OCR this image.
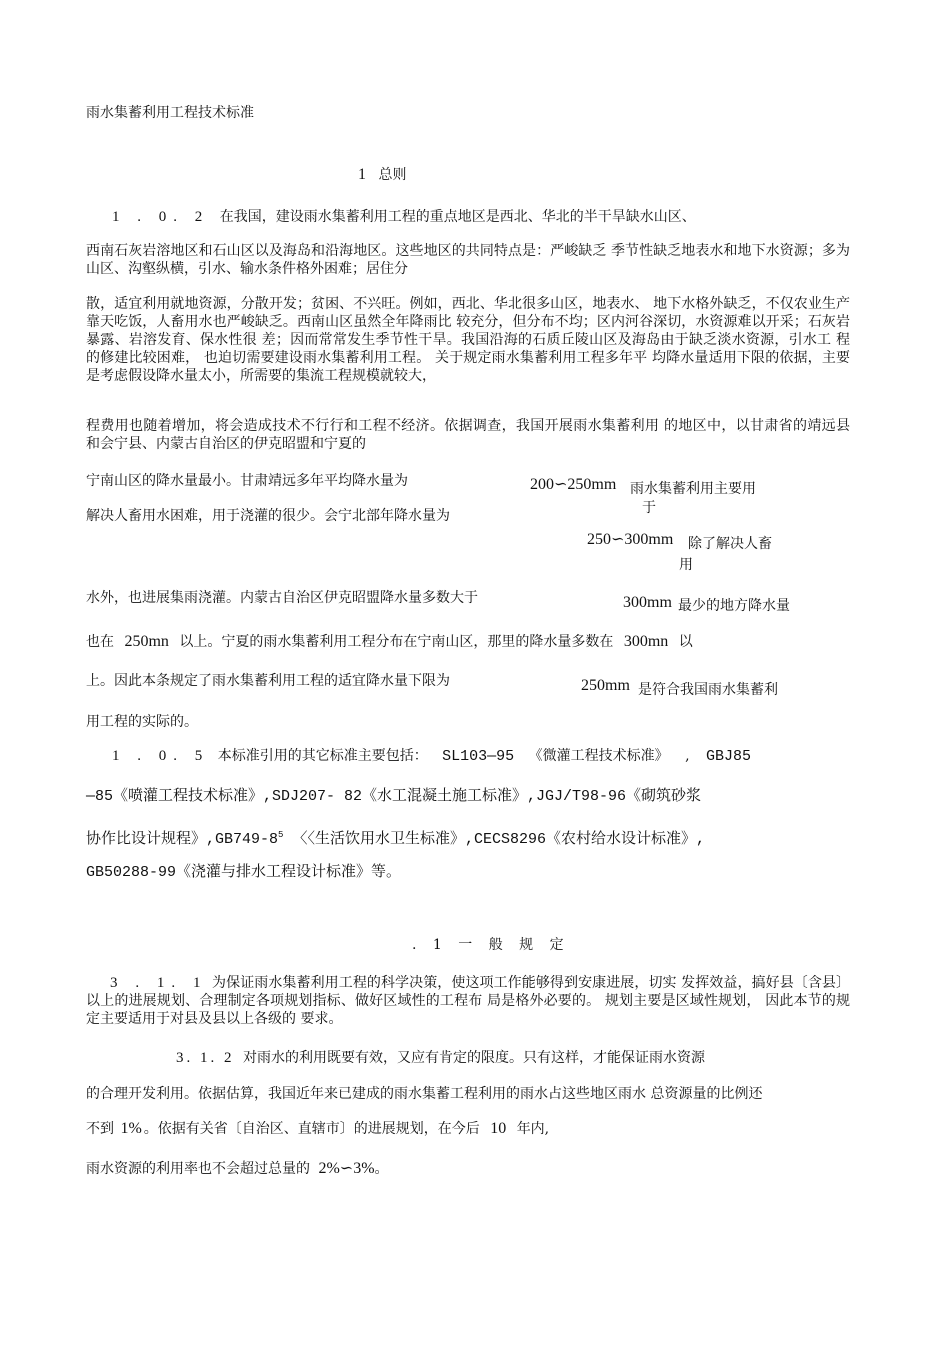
雨水集蓄利用工程技术标准
1 总则
1 . 0. 2 在我国，建设雨水集蓄利用工程的重点地区是西北、华北的半干旱缺水山区、
西南石灰岩溶地区和石山区以及海岛和沿海地区。这些地区的共同特点是：严峻缺乏 季节性缺乏地表水和地下水资源；多为山区、沟壑纵横，引水、输水条件格外困难；居住分
散，适宜利用就地资源，分散开发；贫困、不兴旺。例如，西北、华北很多山区，地表水、 地下水格外缺乏，不仅农业生产靠天吃饭，人畜用水也严峻缺乏。西南山区虽然全年降雨比 较充分，但分布不均；区内河谷深切，水资源难以开采；石灰岩暴露、岩溶发育、保水性很 差；因而常常发生季节性干旱。我国沿海的石质丘陵山区及海岛由于缺乏淡水资源，引水工 程的修建比较困难， 也迫切需要建设雨水集蓄利用工程。 关于规定雨水集蓄利用工程多年平 均降水量适用下限的依据，主要是考虑假设降水量太小，所需要的集流工程规模就较大，
程费用也随着增加，将会造成技术不行行和工程不经济。依据调查，我国开展雨水集蓄利用 的地区中，以甘肃省的靖远县 和会宁县、内蒙古自治区的伊克昭盟和宁夏的
宁南山区的降水量最小。甘肃靖远多年平均降水量为	200∽250mm 雨水集蓄利用主要用
于
解决人畜用水困难，用于浇灌的很少。会宁北部年降水量为
250∽300mm 除了解决人畜
用
水外，也进展集雨浇灌。内蒙古自治区伊克昭盟降水量多数大于	300mm 最少的地方降水量
也在 250mn 以上。宁夏的雨水集蓄利用工程分布在宁南山区，那里的降水量多数在 300mn 以
上。因此本条规定了雨水集蓄利用工程的适宜降水量下限为	250mm 是符合我国雨水集蓄利
用工程的实际的。
1 . 0. 5 本标准引用的其它标准主要包括： SL103—95 《微灌工程技术标准》 , GBJ85
—85《喷灌工程技术标准》,SDJ207- 82《水工混凝土施工标准》,JGJ/T98-96《砌筑砂浆
协作比设计规程》$,GB749-8^5$ 〈〈生活饮用水卫生标准》,CECS8296《农村给水设计标准》,
GB50288-99《浇灌与排水工程设计标准》等。
. 1 一 般 规 定
3 . 1. 1 为保证雨水集蓄利用工程的科学决策，使这项工作能够得到安康进展，切实 发挥效益，搞好县〔含县〕以上的进展规划、合理制定各项规划指标、做好区域性的工程布 局是格外必要的。 规划主要是区域性规划， 因此本节的规定主要适用于对县及县以上各级的 要求。
3. 1. 2 对雨水的利用既要有效，又应有肯定的限度。只有这样，才能保证雨水资源
的合理开发利用。依据估算，我国近年来已建成的雨水集蓄工程利用的雨水占这些地区雨水 总资源量的比例还
不到 1% 。依据有关省〔自治区、直辖市〕的进展规划，在今后 10 年内,
雨水资源的利用率也不会超过总量的 2%∽3%。
